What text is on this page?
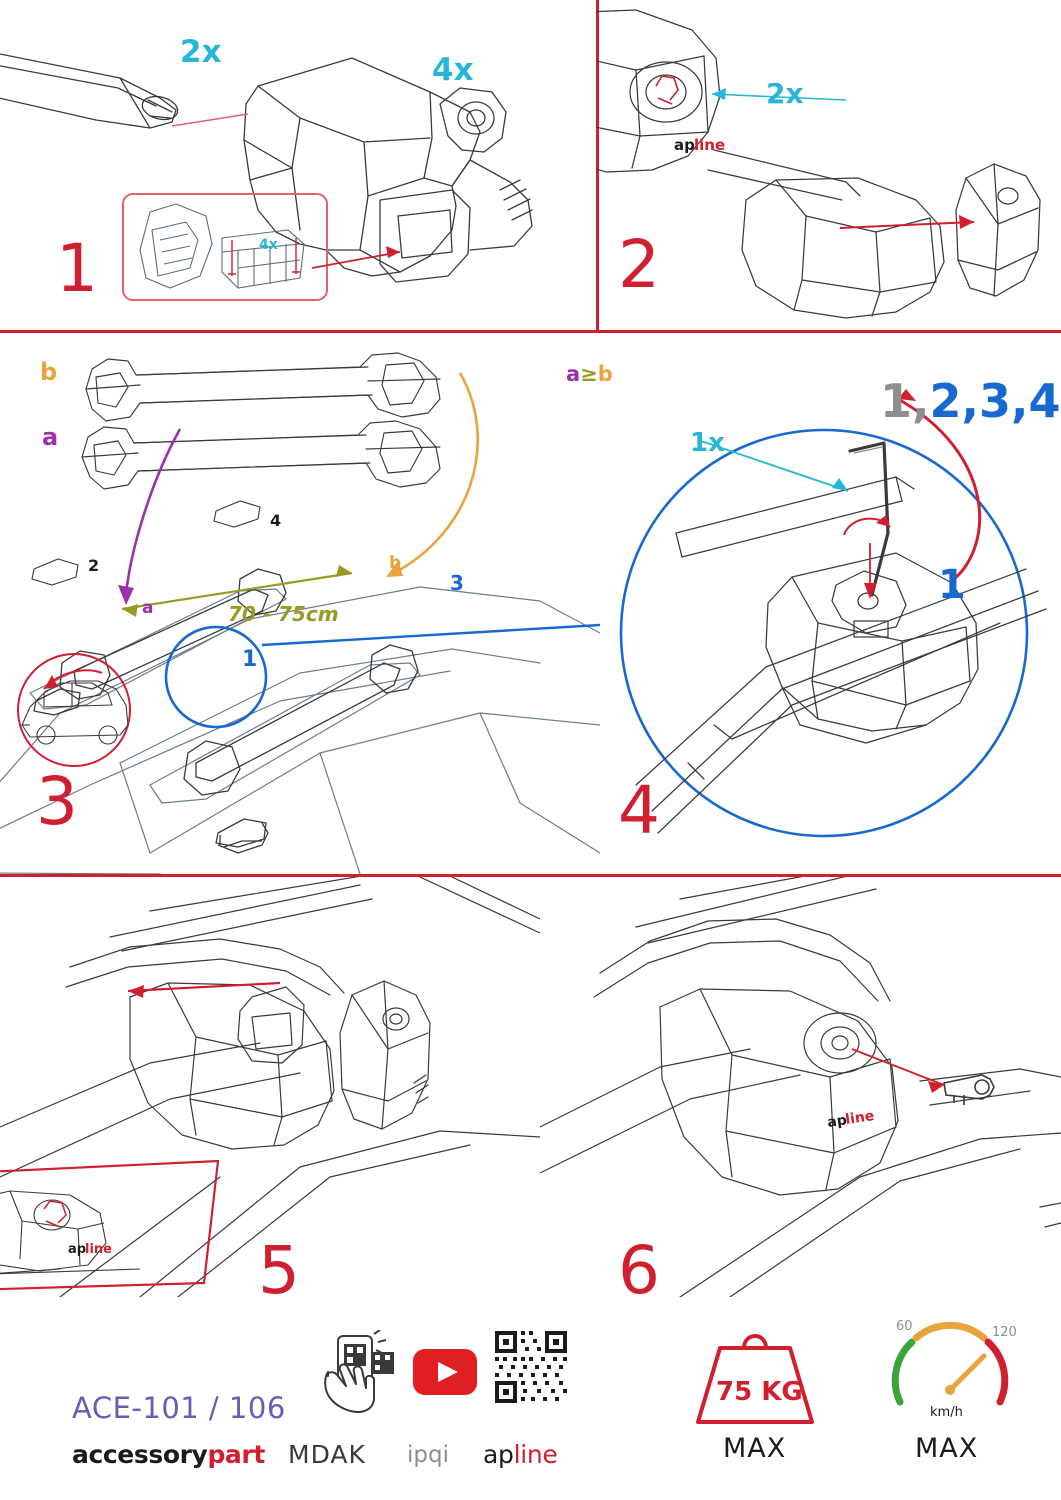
2x	4x
4x
1
ap line
2x
2
b
a
a
b
70 - 75cm
1
2
3
4
3
a≥b	1,2,3,4
1x
1
4
ap
line 5
ap
line
6
ACE-101 / 106
accessorypart MDAK ipqi apline
75 KG
MAX
60	120
km/h
MAX
